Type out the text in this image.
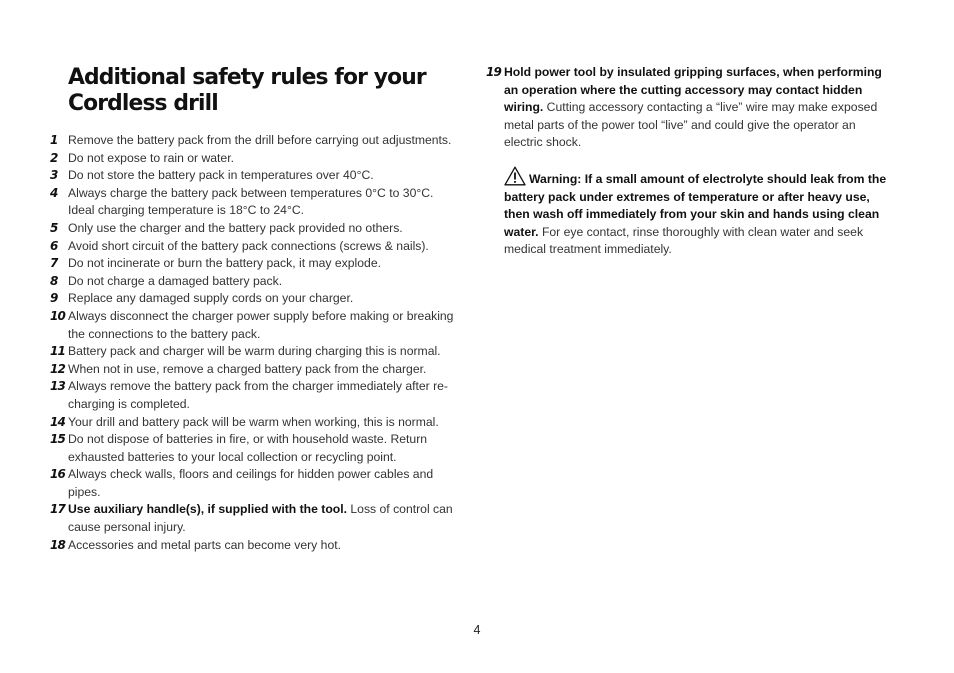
Additional safety rules for your
Cordless drill
1 Remove the battery pack from the drill before carrying out adjustments.
2 Do not expose to rain or water.
3 Do not store the battery pack in temperatures over 40°C.
4 Always charge the battery pack between temperatures 0°C to 30°C. Ideal charging temperature is 18°C to 24°C.
5 Only use the charger and the battery pack provided no others.
6 Avoid short circuit of the battery pack connections (screws & nails).
7 Do not incinerate or burn the battery pack, it may explode.
8 Do not charge a damaged battery pack.
9 Replace any damaged supply cords on your charger.
10 Always disconnect the charger power supply before making or breaking the connections to the battery pack.
11 Battery pack and charger will be warm during charging this is normal.
12 When not in use, remove a charged battery pack from the charger.
13 Always remove the battery pack from the charger immediately after re-charging is completed.
14 Your drill and battery pack will be warm when working, this is normal.
15 Do not dispose of batteries in fire, or with household waste. Return exhausted batteries to your local collection or recycling point.
16 Always check walls, floors and ceilings for hidden power cables and pipes.
17 Use auxiliary handle(s), if supplied with the tool. Loss of control can cause personal injury.
18 Accessories and metal parts can become very hot.
19 Hold power tool by insulated gripping surfaces, when performing an operation where the cutting accessory may contact hidden wiring. Cutting accessory contacting a “live” wire may make exposed metal parts of the power tool “live” and could give the operator an electric shock.
Warning: If a small amount of electrolyte should leak from the battery pack under extremes of temperature or after heavy use, then wash off immediately from your skin and hands using clean water. For eye contact, rinse thoroughly with clean water and seek medical treatment immediately.
4
